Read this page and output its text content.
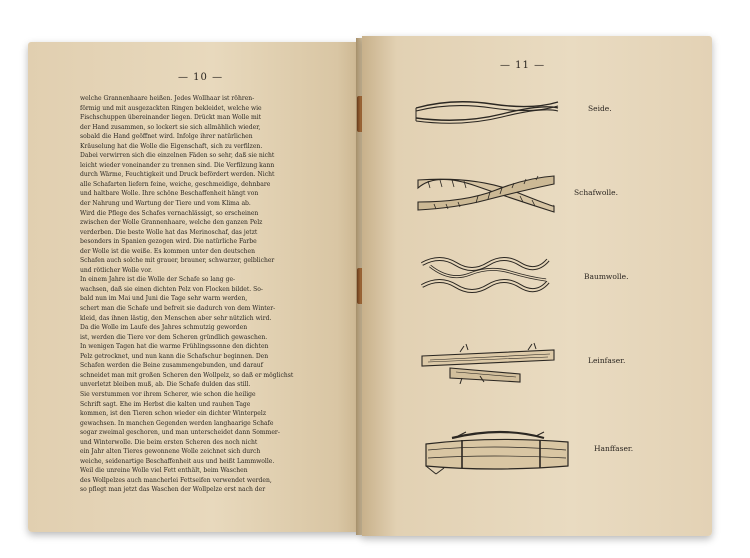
— 10 —
welche Grannenhaare heißen. Jedes Wollhaar ist röhren-
förmig und mit ausgezackten Ringen bekleidet, welche wie
Fischschuppen übereinander liegen. Drückt man Wolle mit
der Hand zusammen, so lockert sie sich allmählich wieder,
sobald die Hand geöffnet wird. Infolge ihrer natürlichen
Kräuselung hat die Wolle die Eigenschaft, sich zu verfilzen.
Dabei verwirren sich die einzelnen Fäden so sehr, daß sie nicht
leicht wieder voneinander zu trennen sind. Die Verfilzung kann
durch Wärme, Feuchtigkeit und Druck befördert werden. Nicht
alle Schafarten liefern feine, weiche, geschmeidige, dehnbare
und haltbare Wolle. Ihre schöne Beschaffenheit hängt von
der Nahrung und Wartung der Tiere und vom Klima ab.
Wird die Pflege des Schafes vernachlässigt, so erscheinen
zwischen der Wolle Grannenhaare, welche den ganzen Pelz
verderben. Die beste Wolle hat das Merinoschaf, das jetzt
besonders in Spanien gezogen wird. Die natürliche Farbe
der Wolle ist die weiße. Es kommen unter den deutschen
Schafen auch solche mit grauer, brauner, schwarzer, gelblicher
und rötlicher Wolle vor.
In einem Jahre ist die Wolle der Schafe so lang ge-
wachsen, daß sie einen dichten Pelz von Flocken bildet. So-
bald nun im Mai und Juni die Tage sehr warm werden,
schert man die Schafe und befreit sie dadurch von dem Winter-
kleid, das ihnen lästig, den Menschen aber sehr nützlich wird.
Da die Wolle im Laufe des Jahres schmutzig geworden
ist, werden die Tiere vor dem Scheren gründlich gewaschen.
In wenigen Tagen hat die warme Frühlingssonne den dichten
Pelz getrocknet, und nun kann die Schafschur beginnen. Den
Schafen werden die Beine zusammengebunden, und darauf
schneidet man mit großen Scheren den Wollpelz, so daß er möglichst
unverletzt bleiben muß, ab. Die Schafe dulden das still.
Sie verstummen vor ihrem Scherer, wie schon die heilige
Schrift sagt. Ehe im Herbst die kalten und rauhen Tage
kommen, ist den Tieren schon wieder ein dichter Winterpelz
gewachsen. In manchen Gegenden werden langhaarige Schafe
sogar zweimal geschoren, und man unterscheidet dann Sommer-
und Winterwolle. Die beim ersten Scheren des noch nicht
ein Jahr alten Tieres gewonnene Wolle zeichnet sich durch
weiche, seidenartige Beschaffenheit aus und heißt Lammwolle.
Weil die unreine Wolle viel Fett enthält, beim Waschen
des Wollpelzes auch mancherlei Fettseifen verwendet werden,
so pflegt man jetzt das Waschen der Wollpelze erst nach der
— 11 —
Seide.
Schafwolle.
Baumwolle.
Leinfaser.
Hanffaser.
